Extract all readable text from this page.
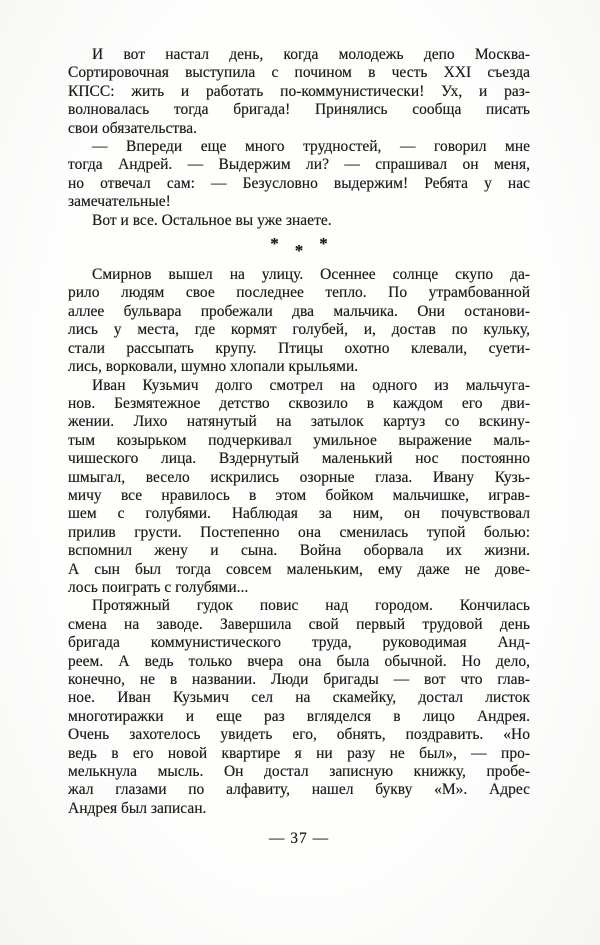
И вот настал день, когда молодежь депо Москва-
Сортировочная выступила с почином в честь XXI съезда
КПСС: жить и работать по-коммунистически! Ух, и раз-
волновалась тогда бригада! Принялись сообща писать
свои обязательства.
— Впереди еще много трудностей, — говорил мне
тогда Андрей. — Выдержим ли? — спрашивал он меня,
но отвечал сам: — Безусловно выдержим! Ребята у нас
замечательные!
Вот и все. Остальное вы уже знаете.
* * *
Смирнов вышел на улицу. Осеннее солнце скупо да-
рило людям свое последнее тепло. По утрамбованной
аллее бульвара пробежали два мальчика. Они останови-
лись у места, где кормят голубей, и, достав по кульку,
стали рассыпать крупу. Птицы охотно клевали, суети-
лись, ворковали, шумно хлопали крыльями.
Иван Кузьмич долго смотрел на одного из мальчуга-
нов. Безмятежное детство сквозило в каждом его дви-
жении. Лихо натянутый на затылок картуз со вскину-
тым козырьком подчеркивал умильное выражение маль-
чишеского лица. Вздернутый маленький нос постоянно
шмыгал, весело искрились озорные глаза. Ивану Кузь-
мичу все нравилось в этом бойком мальчишке, играв-
шем с голубями. Наблюдая за ним, он почувствовал
прилив грусти. Постепенно она сменилась тупой болью:
вспомнил жену и сына. Война оборвала их жизни.
А сын был тогда совсем маленьким, ему даже не дове-
лось поиграть с голубями...
Протяжный гудок повис над городом. Кончилась
смена на заводе. Завершила свой первый трудовой день
бригада коммунистического труда, руководимая Анд-
реем. А ведь только вчера она была обычной. Но дело,
конечно, не в названии. Люди бригады — вот что глав-
ное. Иван Кузьмич сел на скамейку, достал листок
многотиражки и еще раз вгляделся в лицо Андрея.
Очень захотелось увидеть его, обнять, поздравить. «Но
ведь в его новой квартире я ни разу не был», — про-
мелькнула мысль. Он достал записную книжку, пробе-
жал глазами по алфавиту, нашел букву «М». Адрес
Андрея был записан.
— 37 —
